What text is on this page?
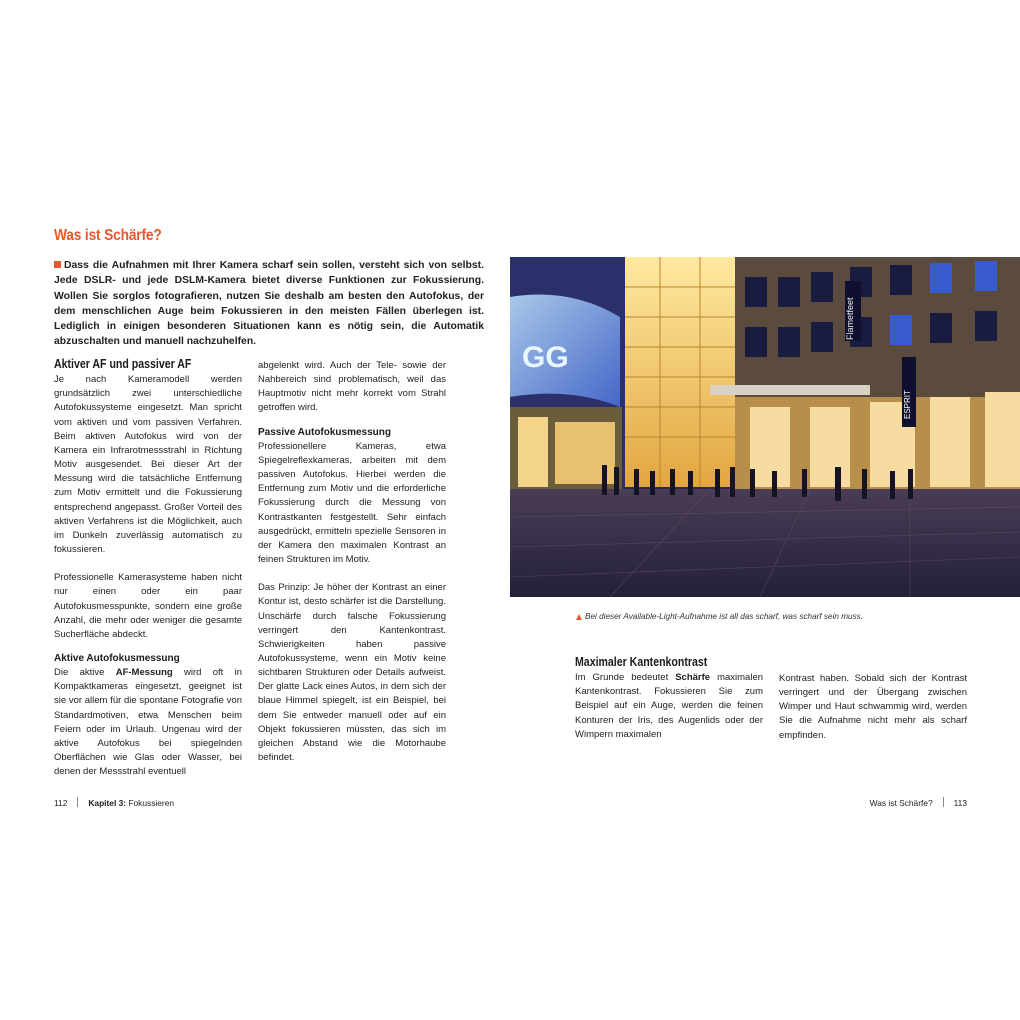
Was ist Schärfe?
Dass die Aufnahmen mit Ihrer Kamera scharf sein sollen, versteht sich von selbst. Jede DSLR- und jede DSLM-Kamera bietet diverse Funktionen zur Fokussierung. Wollen Sie sorglos fotografieren, nutzen Sie deshalb am besten den Autofokus, der dem menschlichen Auge beim Fokussieren in den meisten Fällen überlegen ist. Lediglich in einigen besonderen Situationen kann es nötig sein, die Automatik abzuschalten und manuell nachzuhelfen.
Aktiver AF und passiver AF

Je nach Kameramodell werden grundsätzlich zwei unterschiedliche Autofokussysteme eingesetzt. Man spricht vom aktiven und vom passiven Verfahren. Beim aktiven Autofokus wird von der Kamera ein Infrarotmessstrahl in Richtung Motiv ausgesendet. Bei dieser Art der Messung wird die tatsächliche Entfernung zum Motiv ermittelt und die Fokussierung entsprechend angepasst. Großer Vorteil des aktiven Verfahrens ist die Möglichkeit, auch im Dunkeln zuverlässig automatisch zu fokussieren.

Professionelle Kamerasysteme haben nicht nur einen oder ein paar Autofokusmesspunkte, sondern eine große Anzahl, die mehr oder weniger die gesamte Sucherfläche abdeckt.

Aktive Autofokusmessung

Die aktive AF-Messung wird oft in Kompaktkameras eingesetzt, geeignet ist sie vor allem für die spontane Fotografie von Standardmotiven, etwa Menschen beim Feiern oder im Urlaub. Ungenau wird der aktive Autofokus bei spiegelnden Oberflächen wie Glas oder Wasser, bei denen der Messstrahl eventuell

abgelenkt wird. Auch der Tele- sowie der Nahbereich sind problematisch, weil das Hauptmotiv nicht mehr korrekt vom Strahl getroffen wird.

Passive Autofokusmessung

Professionellere Kameras, etwa Spiegelreflexkameras, arbeiten mit dem passiven Autofokus. Hierbei werden die Entfernung zum Motiv und die erforderliche Fokussierung durch die Messung von Kontrastkanten festgestellt. Sehr einfach ausgedrückt, ermitteln spezielle Sensoren in der Kamera den maximalen Kontrast an feinen Strukturen im Motiv.

Das Prinzip: Je höher der Kontrast an einer Kontur ist, desto schärfer ist die Darstellung. Unschärfe durch falsche Fokussierung verringert den Kantenkontrast. Schwierigkeiten haben passive Autofokussysteme, wenn ein Motiv keine sichtbaren Strukturen oder Details aufweist. Der glatte Lack eines Autos, in dem sich der blaue Himmel spiegelt, ist ein Beispiel, bei dem Sie entweder manuell oder auf ein Objekt fokussieren müssten, das sich im gleichen Abstand wie die Motorhaube befindet.

112	Kapitel 3: Fokussieren
GG
Flametfeet
ESPRIT
Bei dieser Available-Light-Aufnahme ist all das scharf, was scharf sein muss.
Maximaler Kantenkontrast

Im Grunde bedeutet Schärfe maximalen Kantenkontrast. Fokussieren Sie zum Beispiel auf ein Auge, werden die feinen Konturen der Iris, des Augenlids oder der Wimpern maximalen

Kontrast haben. Sobald sich der Kontrast verringert und der Übergang zwischen Wimper und Haut schwammig wird, werden Sie die Aufnahme nicht mehr als scharf empfinden.

Was ist Schärfe?	113
